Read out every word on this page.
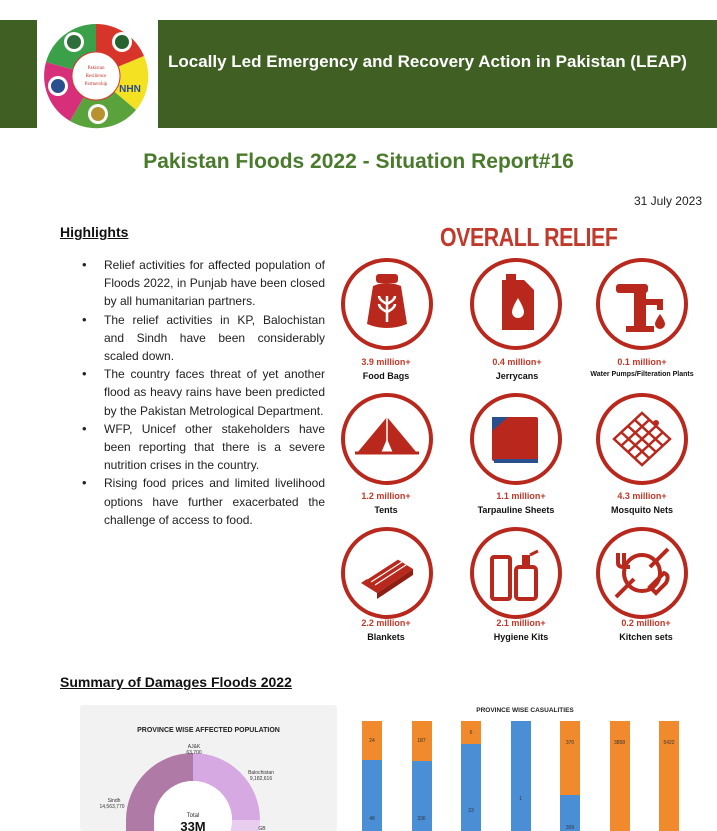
Locally Led Emergency and Recovery Action in Pakistan (LEAP)
Pakistan
Resilience
Partnership NHN
Pakistan Floods 2022 - Situation Report#16
31 July 2023
Highlights
• Relief activities for affected population of Floods 2022, in Punjab have been closed by all humanitarian partners.
• The relief activities in KP, Balochistan and Sindh have been considerably scaled down.
• The country faces threat of yet another flood as heavy rains have been predicted by the Pakistan Metrological Department.
• WFP, Unicef other stakeholders have been reporting that there is a severe nutrition crises in the country.
• Rising food prices and limited livelihood options have further exacerbated the challenge of access to food.
OVERALL RELIEF
3.9 million+
Food Bags
0.4 million+
Jerrycans
0.1 million+
Water Pumps/Filteration Plants
1.2 million+
Tents
1.1 million+
Tarpauline Sheets
4.3 million+
Mosquito Nets
2.2 million+
Blankets
2.1 million+
Hygiene Kits
0.2 million+
Kitchen sets
Summary of Damages Floods 2022
PROVINCE WISE AFFECTED POPULATION
Total
33M
AJ&K
63,700
Balochistan
9,182,616
Sindh
14,563,770
GB
PROVINCE WISE CASUALITIES
24
48
187
336
6
23
1
370
309
3858	5422
